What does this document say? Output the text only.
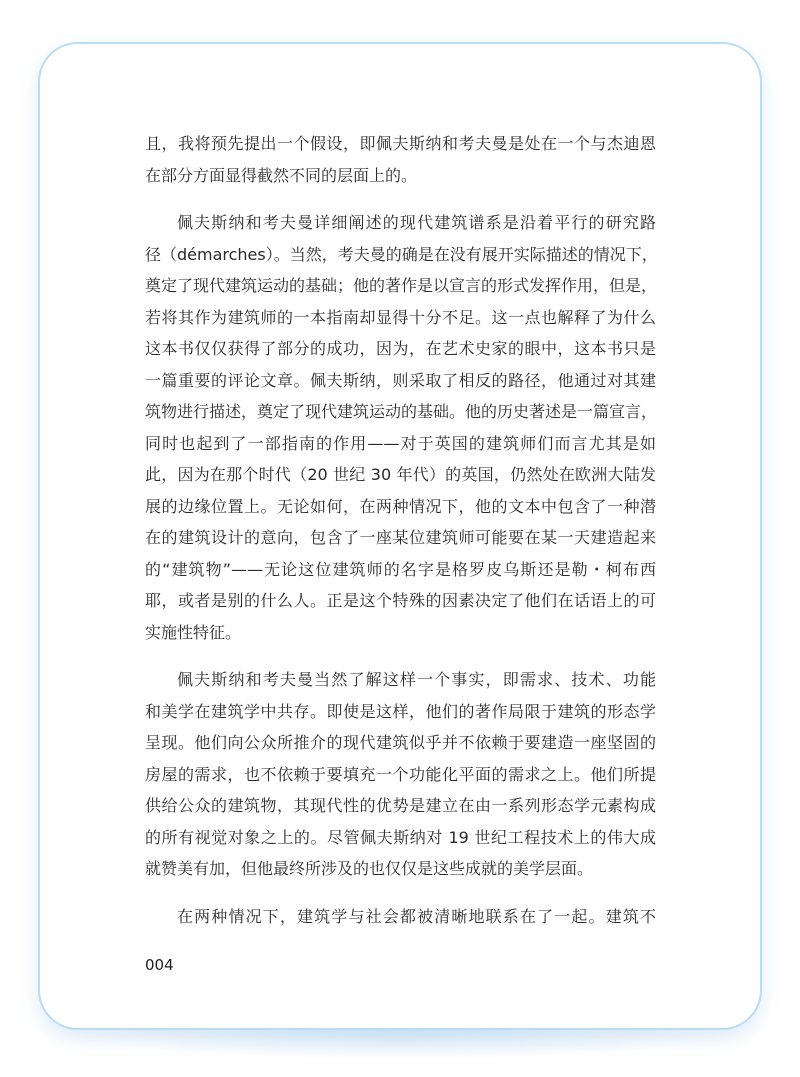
且，我将预先提出一个假设，即佩夫斯纳和考夫曼是处在一个与杰迪恩
在部分方面显得截然不同的层面上的。
佩夫斯纳和考夫曼详细阐述的现代建筑谱系是沿着平行的研究路
径（démarches）。当然，考夫曼的确是在没有展开实际描述的情况下，
奠定了现代建筑运动的基础；他的著作是以宣言的形式发挥作用，但是，
若将其作为建筑师的一本指南却显得十分不足。这一点也解释了为什么
这本书仅仅获得了部分的成功，因为，在艺术史家的眼中，这本书只是
一篇重要的评论文章。佩夫斯纳，则采取了相反的路径，他通过对其建
筑物进行描述，奠定了现代建筑运动的基础。他的历史著述是一篇宣言，
同时也起到了一部指南的作用——对于英国的建筑师们而言尤其是如
此，因为在那个时代（20 世纪 30 年代）的英国，仍然处在欧洲大陆发
展的边缘位置上。无论如何，在两种情况下，他的文本中包含了一种潜
在的建筑设计的意向，包含了一座某位建筑师可能要在某一天建造起来
的“建筑物”——无论这位建筑师的名字是格罗皮乌斯还是勒・柯布西
耶，或者是别的什么人。正是这个特殊的因素决定了他们在话语上的可
实施性特征。
佩夫斯纳和考夫曼当然了解这样一个事实，即需求、技术、功能
和美学在建筑学中共存。即使是这样，他们的著作局限于建筑的形态学
呈现。他们向公众所推介的现代建筑似乎并不依赖于要建造一座坚固的
房屋的需求，也不依赖于要填充一个功能化平面的需求之上。他们所提
供给公众的建筑物，其现代性的优势是建立在由一系列形态学元素构成
的所有视觉对象之上的。尽管佩夫斯纳对 19 世纪工程技术上的伟大成
就赞美有加，但他最终所涉及的也仅仅是这些成就的美学层面。
在两种情况下，建筑学与社会都被清晰地联系在了一起。建筑不
004
